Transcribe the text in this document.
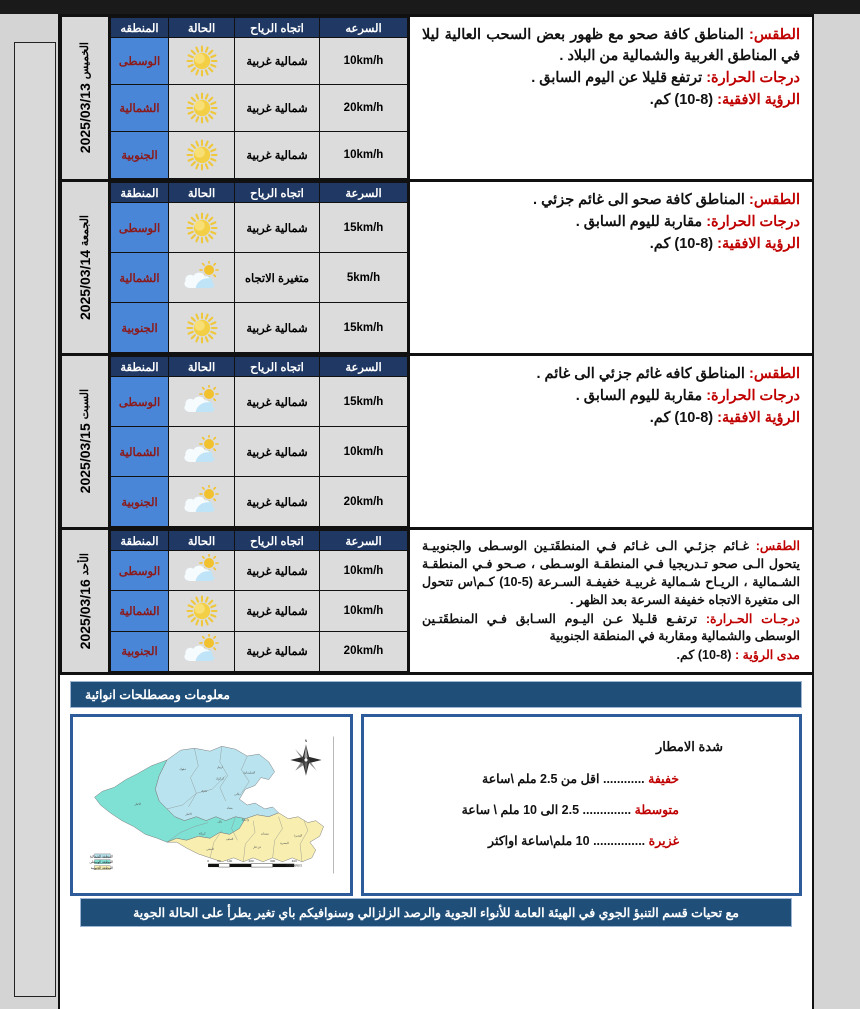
الطقس: المناطق كافة صحو مع ظهور بعض السحب العالية ليلا في المناطق الغربية والشمالية من البلاد .

درجات الحرارة: ترتفع قليلا عن اليوم السابق .

الرؤية الافقية: (8-10) كم.

السرعه	اتجاه الرياح	الحالة	المنطقه
10km/h	شمالية غربية		الوسطى
20km/h	شمالية غربية		الشمالية
10km/h	شمالية غربية		الجنوبية
الخميس 2025/03/13

الطقس: المناطق كافة صحو الى غائم جزئي .

درجات الحرارة: مقاربة لليوم السابق .

الرؤية الافقية: (8-10) كم.

السرعة	اتجاه الرياح	الحالة	المنطقة
15km/h	شمالية غربية		الوسطى
5km/h	متغيرة الاتجاه		الشمالية
15km/h	شمالية غربية		الجنوبية
الجمعة 2025/03/14

الطقس: المناطق كافه غائم جزئي الى غائم .

درجات الحرارة: مقاربة لليوم السابق .

الرؤية الافقية: (8-10) كم.

السرعة	اتجاه الرياح	الحالة	المنطقة
15km/h	شمالية غربية		الوسطى
10km/h	شمالية غربية		الشمالية
20km/h	شمالية غربية		الجنوبية
السبت 2025/03/15

الطقس: غـائم جزئـي الـى غـائم فـي المنطقَتـين الوسـطى والجنوبيـة يتحول الـى صحو تـدريجيا فـي المنطقـة الوسـطى ، صـحو فـي المنطقـة الشـمالية ، الريـاح شـمالية غربيـة خفيفـة السـرعة (5-10) كـم\س تتحول الى متغيرة الاتجاه خفيفة السرعة بعد الظهر .

درجـات الحـرارة: ترتفـع قلـيلا عـن اليـوم السـابق فـي المنطقَتـين الوسطى والشمالية ومقاربة في المنطقة الجنوبية

مدى الرؤية : (8-10) كم.

السرعة	اتجاه الرياح	الحالة	المنطقة
10km/h	شمالية غربية		الوسطى
10km/h	شمالية غربية		الشمالية
20km/h	شمالية غربية		الجنوبية
الأحد 2025/03/16
معلومات ومصطلحات انوائية
شدة الامطار
خفيفة ............ اقل من 2.5 ملم \ساعة
متوسطة .............. 2.5 الى 10 ملم \ ساعة
غزيرة ............... 10 ملم\ساعة اواكثر
دهوك	اربيل
كركوك
السليمانية
نينوى
ديالى
الانبار
الانبار
بغداد
بابل	واسط
كربلاء
النجف
ميسان
ذي قار
البصرة
البصرة
المثنى
N
0	50 100	200	300	400
Kilometers
المنطقة الشمالية
المنطقة الوسطى
المنطقة الجنوبية
مع تحيات قسم التنبؤ الجوي في الهيئة العامة للأنواء الجوية والرصد الزلزالي وسنوافيكم باي تغير يطرأ على الحالة الجوية
